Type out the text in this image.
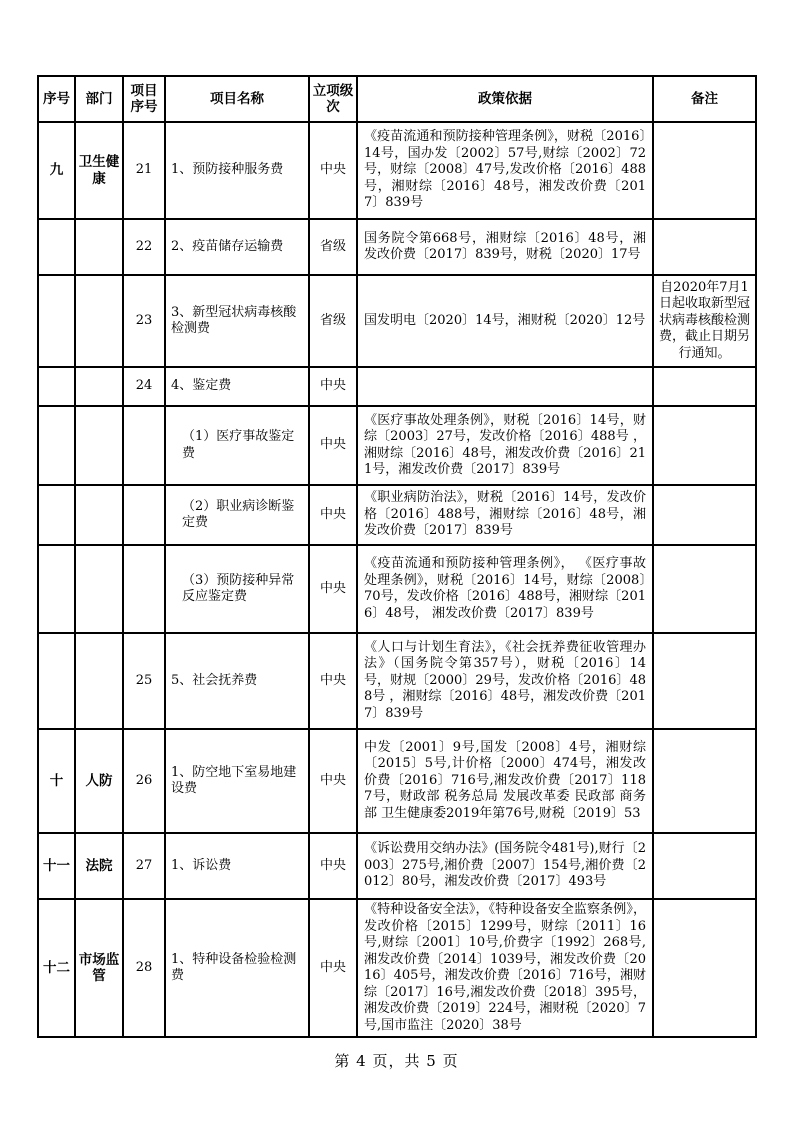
序号	部门	项目序号	项目名称	立项级次	政策依据	备注
九	卫生健康	21	1、预防接种服务费	中央	《疫苗流通和预防接种管理条例》，财税〔2016〕14号，国办发〔2002〕57号,财综〔2002〕72号，财综〔2008〕47号,发改价格〔2016〕488号，湘财综〔2016〕48号，湘发改价费〔2017〕839号	
		22	2、疫苗储存运输费	省级	国务院令第668号，湘财综〔2016〕48号，湘发改价费〔2017〕839号，财税〔2020〕17号	
		23	3、新型冠状病毒核酸检测费	省级	国发明电〔2020〕14号，湘财税〔2020〕12号	自2020年7月1日起收取新型冠状病毒核酸检测费，截止日期另行通知。
		24	4、鉴定费	中央		
			（1）医疗事故鉴定费	中央	《医疗事故处理条例》，财税〔2016〕14号，财综〔2003〕27号，发改价格〔2016〕488号 ，湘财综〔2016〕48号，湘发改价费〔2016〕211号，湘发改价费〔2017〕839号	
			（2）职业病诊断鉴定费	中央	《职业病防治法》，财税〔2016〕14号，发改价格〔2016〕488号，湘财综〔2016〕48号，湘发改价费〔2017〕839号	
			（3）预防接种异常反应鉴定费	中央	《疫苗流通和预防接种管理条例》， 《医疗事故处理条例》，财税〔2016〕14号，财综〔2008〕70号，发改价格〔2016〕488号，湘财综〔2016〕48号， 湘发改价费〔2017〕839号	
		25	5、社会抚养费	中央	《人口与计划生育法》，《社会抚养费征收管理办法》（国务院令第357号），财税〔2016〕14号，财规〔2000〕29号，发改价格〔2016〕488号 ，湘财综〔2016〕48号，湘发改价费〔2017〕839号	
十	人防	26	1、防空地下室易地建设费	中央	中发〔2001〕9号,国发〔2008〕4号，湘财综〔2015〕5号,计价格〔2000〕474号，湘发改价费〔2016〕716号,湘发改价费〔2017〕1187号，财政部 税务总局 发展改革委 民政部 商务部 卫生健康委2019年第76号,财税〔2019〕53	
十一	法院	27	1、诉讼费	中央	《诉讼费用交纳办法》(国务院令481号),财行〔2003〕275号,湘价费〔2007〕154号,湘价费〔2012〕80号，湘发改价费〔2017〕493号	
十二	市场监管	28	1、特种设备检验检测费	中央	《特种设备安全法》，《特种设备安全监察条例》，发改价格〔2015〕1299号，财综〔2011〕16号,财综〔2001〕10号,价费字〔1992〕268号,湘发改价费〔2014〕1039号，湘发改价费〔2016〕405号，湘发改价费〔2016〕716号，湘财综〔2017〕16号,湘发改价费〔2018〕395号，湘发改价费〔2019〕224号，湘财税〔2020〕7号,国市监注〔2020〕38号	
第 4 页，共 5 页
